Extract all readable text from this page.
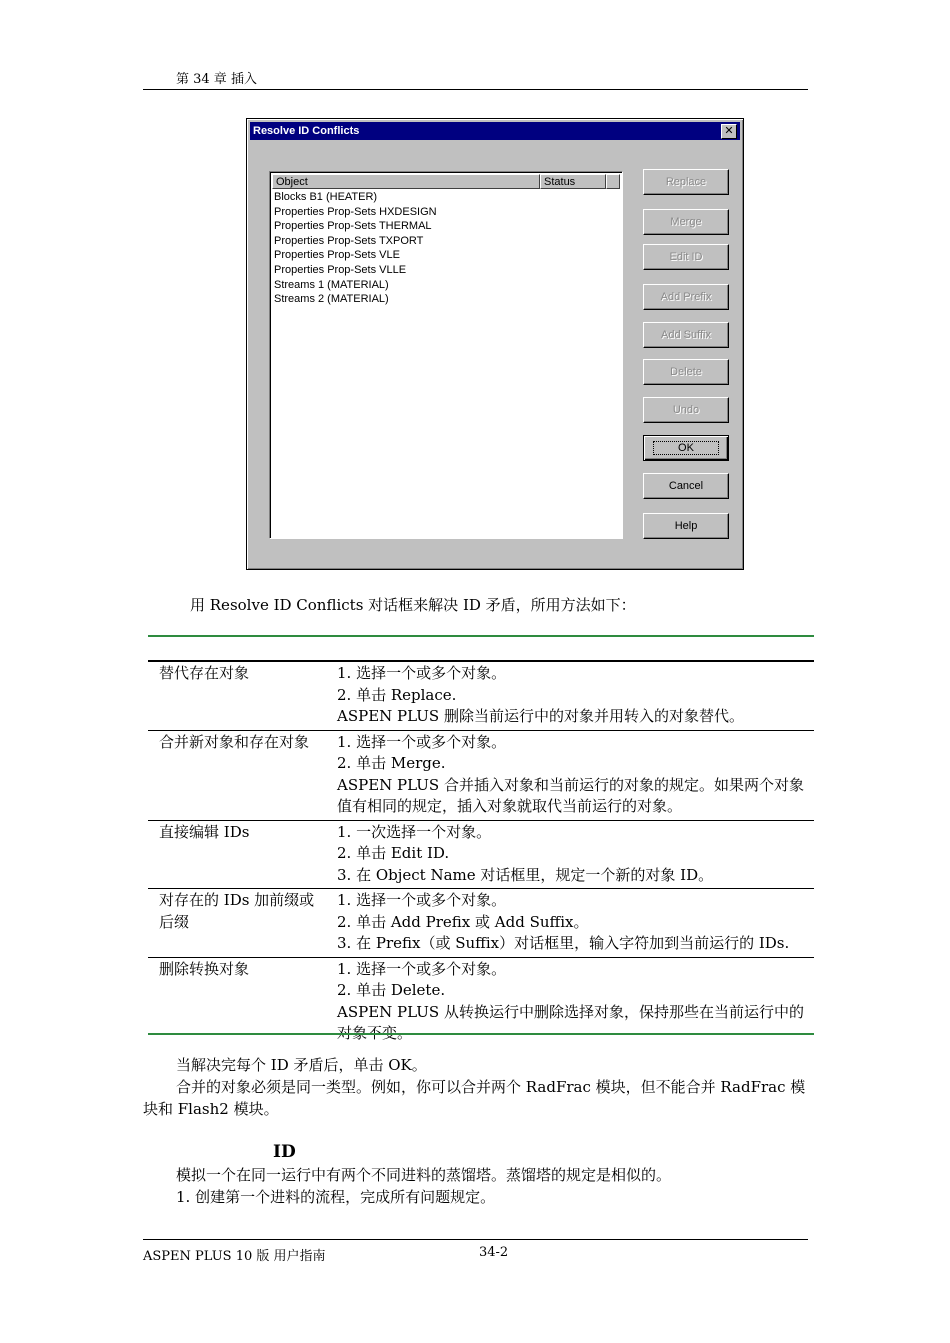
第 34 章 插入
Resolve ID Conflicts	✕
Object	Status
Blocks B1 (HEATER)
Properties Prop-Sets HXDESIGN
Properties Prop-Sets THERMAL
Properties Prop-Sets TXPORT
Properties Prop-Sets VLE
Properties Prop-Sets VLLE
Streams 1 (MATERIAL)
Streams 2 (MATERIAL)
Replace
Merge
Edit ID
Add Prefix
Add Suffix
Delete
Undo
OK
Cancel
Help
用 Resolve ID Conflicts 对话框来解决 ID 矛盾，所用方法如下：
替代存在对象	1. 选择一个或多个对象。
2. 单击 Replace.
ASPEN PLUS 删除当前运行中的对象并用转入的对象替代。

合并新对象和存在对象	1. 选择一个或多个对象。
2. 单击 Merge.
ASPEN PLUS 合并插入对象和当前运行的对象的规定。如果两个对象值有相同的规定，插入对象就取代当前运行的对象。

直接编辑 IDs	1. 一次选择一个对象。
2. 单击 Edit ID.
3. 在 Object Name 对话框里，规定一个新的对象 ID。

对存在的 IDs 加前缀或后缀	1. 选择一个或多个对象。
2. 单击 Add Prefix 或 Add Suffix。
3. 在 Prefix（或 Suffix）对话框里，输入字符加到当前运行的 IDs.

删除转换对象	1. 选择一个或多个对象。
2. 单击 Delete.
ASPEN PLUS 从转换运行中删除选择对象，保持那些在当前运行中的对象不变。
当解决完每个 ID 矛盾后，单击 OK。
合并的对象必须是同一类型。例如，你可以合并两个 RadFrac 模块，但不能合并 RadFrac 模块和 Flash2 模块。
ID
模拟一个在同一运行中有两个不同进料的蒸馏塔。蒸馏塔的规定是相似的。
1. 创建第一个进料的流程，完成所有问题规定。
ASPEN PLUS 10 版 用户指南	34-2
